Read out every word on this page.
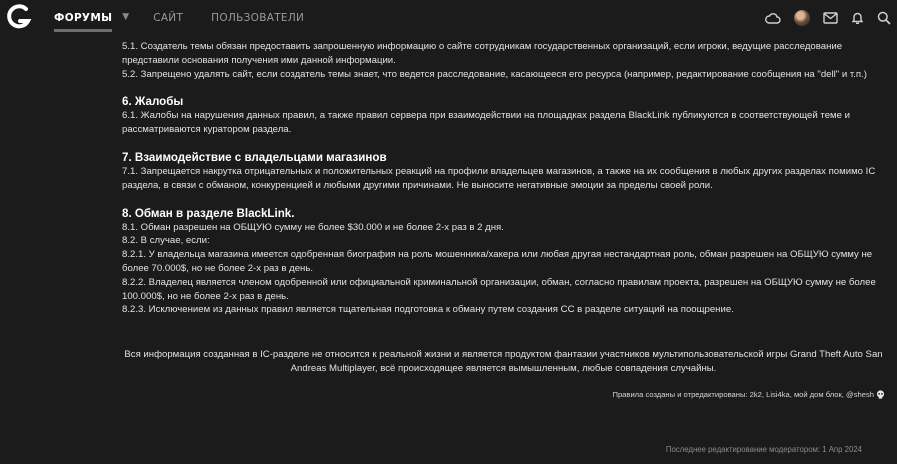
ФОРУМЫ ▼ САЙТ	ПОЛЬЗОВАТЕЛИ

5.1. Создатель темы обязан предоставить запрошенную информацию о сайте сотрудникам государственных организаций, если игроки, ведущие расследование

представили основания получения ими данной информации.

5.2. Запрещено удалять сайт, если создатель темы знает, что ведется расследование, касающееся его ресурса (например, редактирование сообщения на "dell" и т.п.)

6. Жалобы

6.1. Жалобы на нарушения данных правил, а также правил сервера при взаимодействии на площадках раздела BlackLink публикуются в соответствующей теме и

рассматриваются куратором раздела.

7. Взаимодействие с владельцами магазинов

7.1. Запрещается накрутка отрицательных и положительных реакций на профили владельцев магазинов, а также на их сообщения в любых других разделах помимо IC

раздела, в связи с обманом, конкуренцией и любыми другими причинами. Не выносите негативные эмоции за пределы своей роли.

8. Обман в разделе BlackLink.

8.1. Обман разрешен на ОБЩУЮ сумму не более $30.000 и не более 2-х раз в 2 дня.

8.2. В случае, если:

8.2.1. У владельца магазина имеется одобренная биография на роль мошенника/хакера или любая другая нестандартная роль, обман разрешен на ОБЩУЮ сумму не

более 70.000$, но не более 2-х раз в день.

8.2.2. Владелец является членом одобренной или официальной криминальной организации, обман, согласно правилам проекта, разрешен на ОБЩУЮ сумму не более

100.000$, но не более 2-х раз в день.

8.2.3. Исключением из данных правил является тщательная подготовка к обману путем создания СС в разделе ситуаций на поощрение.

Вся информация созданная в IC-разделе не относится к реальной жизни и является продуктом фантазии участников мультипользовательской игры Grand Theft Auto San
Andreas Multiplayer, всё происходящее является вымышленным, любые совпадения случайны.
Правила созданы и отредактированы: 2k2, Lisi4ka, мой дом блок, @shesh
Последнее редактирование модератором: 1 Апр 2024
